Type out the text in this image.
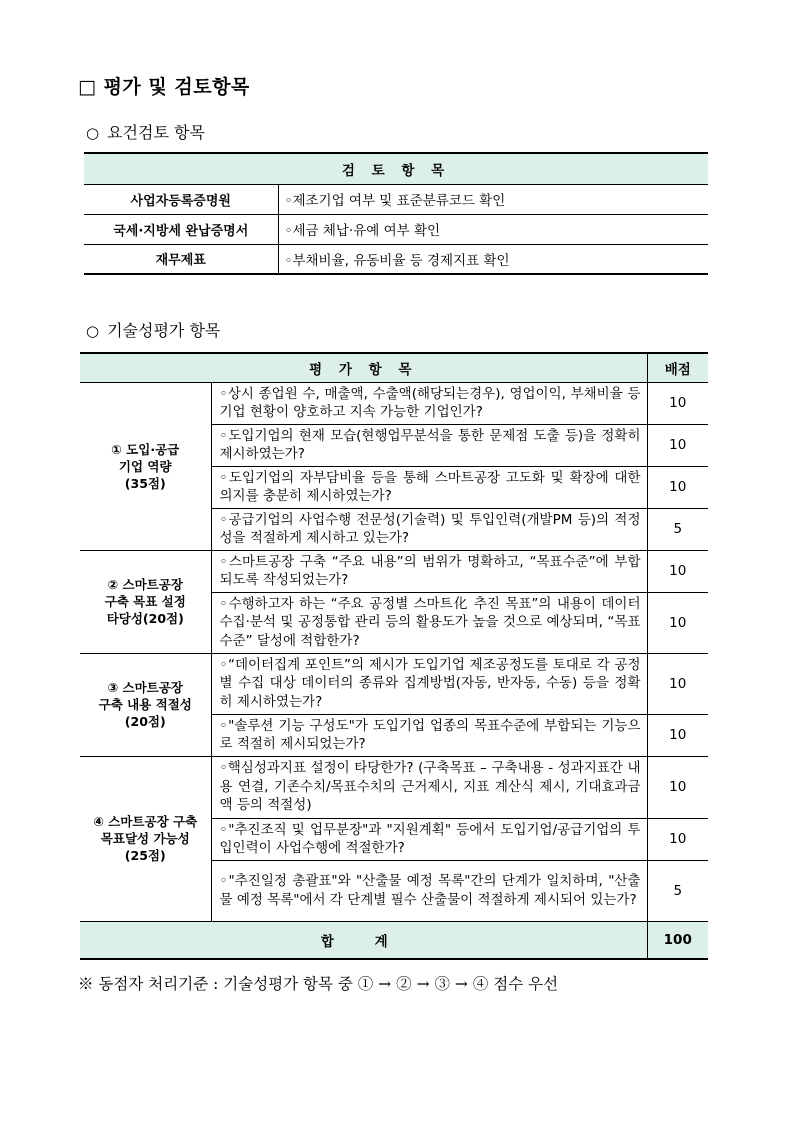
□ 평가 및 검토항목
○ 요건검토 항목
검 토 항 목	
사업자등록증명원	◦제조기업 여부 및 표준분류코드 확인
국세·지방세 완납증명서	◦세금 체납·유예 여부 확인
재무제표	◦부채비율, 유동비율 등 경제지표 확인
○ 기술성평가 항목
평 가 항 목		배점

① 도입·공급
기업 역량
(35점)	◦상시 종업원 수, 매출액, 수출액(해당되는경우), 영업이익, 부채비율 등 기업 현황이 양호하고 지속 가능한 기업인가?	10
	◦도입기업의 현재 모습(현행업무분석을 통한 문제점 도출 등)을 정확히 제시하였는가?	10
	◦도입기업의 자부담비율 등을 통해 스마트공장 고도화 및 확장에 대한 의지를 충분히 제시하였는가?	10
	◦공급기업의 사업수행 전문성(기술력) 및 투입인력(개발PM 등)의 적정성을 적절하게 제시하고 있는가?	5

② 스마트공장
구축 목표 설정
타당성(20점)	◦스마트공장 구축 “주요 내용”의 범위가 명확하고, “목표수준”에 부합되도록 작성되었는가?	10
	◦수행하고자 하는 “주요 공정별 스마트化 추진 목표”의 내용이 데이터 수집·분석 및 공정통합 관리 등의 활용도가 높을 것으로 예상되며, “목표수준” 달성에 적합한가?	10

③ 스마트공장
구축 내용 적절성
(20점)	◦“데이터집계 포인트”의 제시가 도입기업 제조공정도를 토대로 각 공정별 수집 대상 데이터의 종류와 집계방법(자동, 반자동, 수동) 등을 정확히 제시하였는가?	10
	◦"솔루션 기능 구성도"가 도입기업 업종의 목표수준에 부합되는 기능으로 적절히 제시되었는가?	10

④ 스마트공장 구축
목표달성 가능성
(25점)	◦핵심성과지표 설정이 타당한가? (구축목표 – 구축내용 - 성과지표간 내용 연결, 기존수치/목표수치의 근거제시, 지표 계산식 제시, 기대효과금액 등의 적절성)	10
	◦"추진조직 및 업무분장"과 "지원계획" 등에서 도입기업/공급기업의 투입인력이 사업수행에 적절한가?	10
	◦"추진일정 총괄표"와 "산출물 예정 목록"간의 단계가 일치하며, "산출물 예정 목록"에서 각 단계별 필수 산출물이 적절하게 제시되어 있는가?	5
합 계		100
※ 동점자 처리기준 : 기술성평가 항목 중 ① → ② → ③ → ④ 점수 우선
